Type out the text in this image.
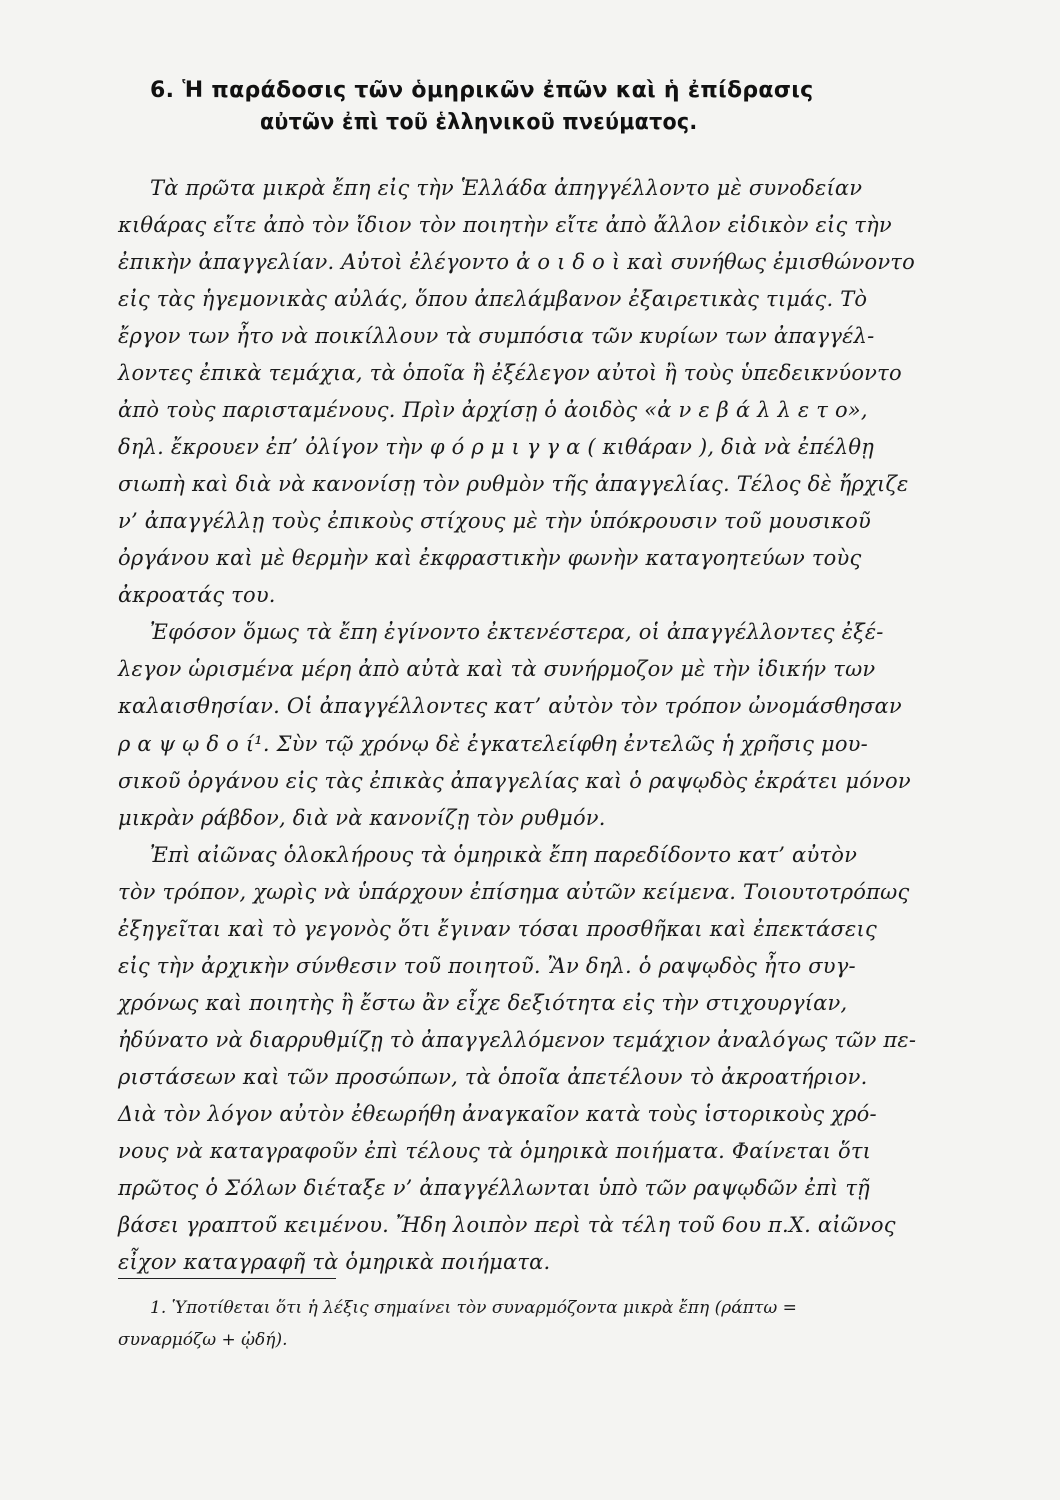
6. Ἡ παράδοσις τῶν ὁμηρικῶν ἐπῶν καὶ ἡ ἐπίδρασις
αὐτῶν ἐπὶ τοῦ ἑλληνικοῦ πνεύματος.
Τὰ πρῶτα μικρὰ ἔπη εἰς τὴν Ἑλλάδα ἀπηγγέλλοντο μὲ συνοδείαν
κιθάρας εἴτε ἀπὸ τὸν ἴδιον τὸν ποιητὴν εἴτε ἀπὸ ἄλλον εἰδικὸν εἰς τὴν
ἐπικὴν ἀπαγγελίαν. Αὐτοὶ ἐλέγοντο ἀ ο ι δ ο ὶ καὶ συνήθως ἐμισθώνοντο
εἰς τὰς ἡγεμονικὰς αὐλάς, ὅπου ἀπελάμβανον ἐξαιρετικὰς τιμάς. Τὸ
ἔργον των ἦτο νὰ ποικίλλουν τὰ συμπόσια τῶν κυρίων των ἀπαγγέλ-
λοντες ἐπικὰ τεμάχια, τὰ ὁποῖα ἢ ἐξέλεγον αὐτοὶ ἢ τοὺς ὑπεδεικνύοντο
ἀπὸ τοὺς παρισταμένους. Πρὶν ἀρχίσῃ ὁ ἀοιδὸς «ἀ ν ε β ά λ λ ε τ ο»,
δηλ. ἔκρουεν ἐπ’ ὀλίγον τὴν φ ό ρ μ ι γ γ α ( κιθάραν ), διὰ νὰ ἐπέλθῃ
σιωπὴ καὶ διὰ νὰ κανονίσῃ τὸν ρυθμὸν τῆς ἀπαγγελίας. Τέλος δὲ ἤρχιζε
ν’ ἀπαγγέλλῃ τοὺς ἐπικοὺς στίχους μὲ τὴν ὑπόκρουσιν τοῦ μουσικοῦ
ὀργάνου καὶ μὲ θερμὴν καὶ ἐκφραστικὴν φωνὴν καταγοητεύων τοὺς
ἀκροατάς του.
Ἐφόσον ὅμως τὰ ἔπη ἐγίνοντο ἐκτενέστερα, οἱ ἀπαγγέλλοντες ἐξέ-
λεγον ὡρισμένα μέρη ἀπὸ αὐτὰ καὶ τὰ συνήρμοζον μὲ τὴν ἰδικήν των
καλαισθησίαν. Οἱ ἀπαγγέλλοντες κατ’ αὐτὸν τὸν τρόπον ὠνομάσθησαν
ρ α ψ ῳ δ ο ί¹. Σὺν τῷ χρόνῳ δὲ ἐγκατελείφθη ἐντελῶς ἡ χρῆσις μου-
σικοῦ ὀργάνου εἰς τὰς ἐπικὰς ἀπαγγελίας καὶ ὁ ραψῳδὸς ἐκράτει μόνον
μικρὰν ράβδον, διὰ νὰ κανονίζῃ τὸν ρυθμόν.
Ἐπὶ αἰῶνας ὁλοκλήρους τὰ ὁμηρικὰ ἔπη παρεδίδοντο κατ’ αὐτὸν
τὸν τρόπον, χωρὶς νὰ ὑπάρχουν ἐπίσημα αὐτῶν κείμενα. Τοιουτοτρόπως
ἐξηγεῖται καὶ τὸ γεγονὸς ὅτι ἔγιναν τόσαι προσθῆκαι καὶ ἐπεκτάσεις
εἰς τὴν ἀρχικὴν σύνθεσιν τοῦ ποιητοῦ. Ἂν δηλ. ὁ ραψῳδὸς ἦτο συγ-
χρόνως καὶ ποιητὴς ἢ ἔστω ἂν εἶχε δεξιότητα εἰς τὴν στιχουργίαν,
ἠδύνατο νὰ διαρρυθμίζῃ τὸ ἀπαγγελλόμενον τεμάχιον ἀναλόγως τῶν πε-
ριστάσεων καὶ τῶν προσώπων, τὰ ὁποῖα ἀπετέλουν τὸ ἀκροατήριον.
Διὰ τὸν λόγον αὐτὸν ἐθεωρήθη ἀναγκαῖον κατὰ τοὺς ἱστορικοὺς χρό-
νους νὰ καταγραφοῦν ἐπὶ τέλους τὰ ὁμηρικὰ ποιήματα. Φαίνεται ὅτι
πρῶτος ὁ Σόλων διέταξε ν’ ἀπαγγέλλωνται ὑπὸ τῶν ραψῳδῶν ἐπὶ τῇ
βάσει γραπτοῦ κειμένου. Ἤδη λοιπὸν περὶ τὰ τέλη τοῦ 6ου π.Χ. αἰῶνος
εἶχον καταγραφῆ τὰ ὁμηρικὰ ποιήματα.
1. Ὑποτίθεται ὅτι ἡ λέξις σημαίνει τὸν συναρμόζοντα μικρὰ ἔπη (ράπτω =
συναρμόζω + ᾠδή).
